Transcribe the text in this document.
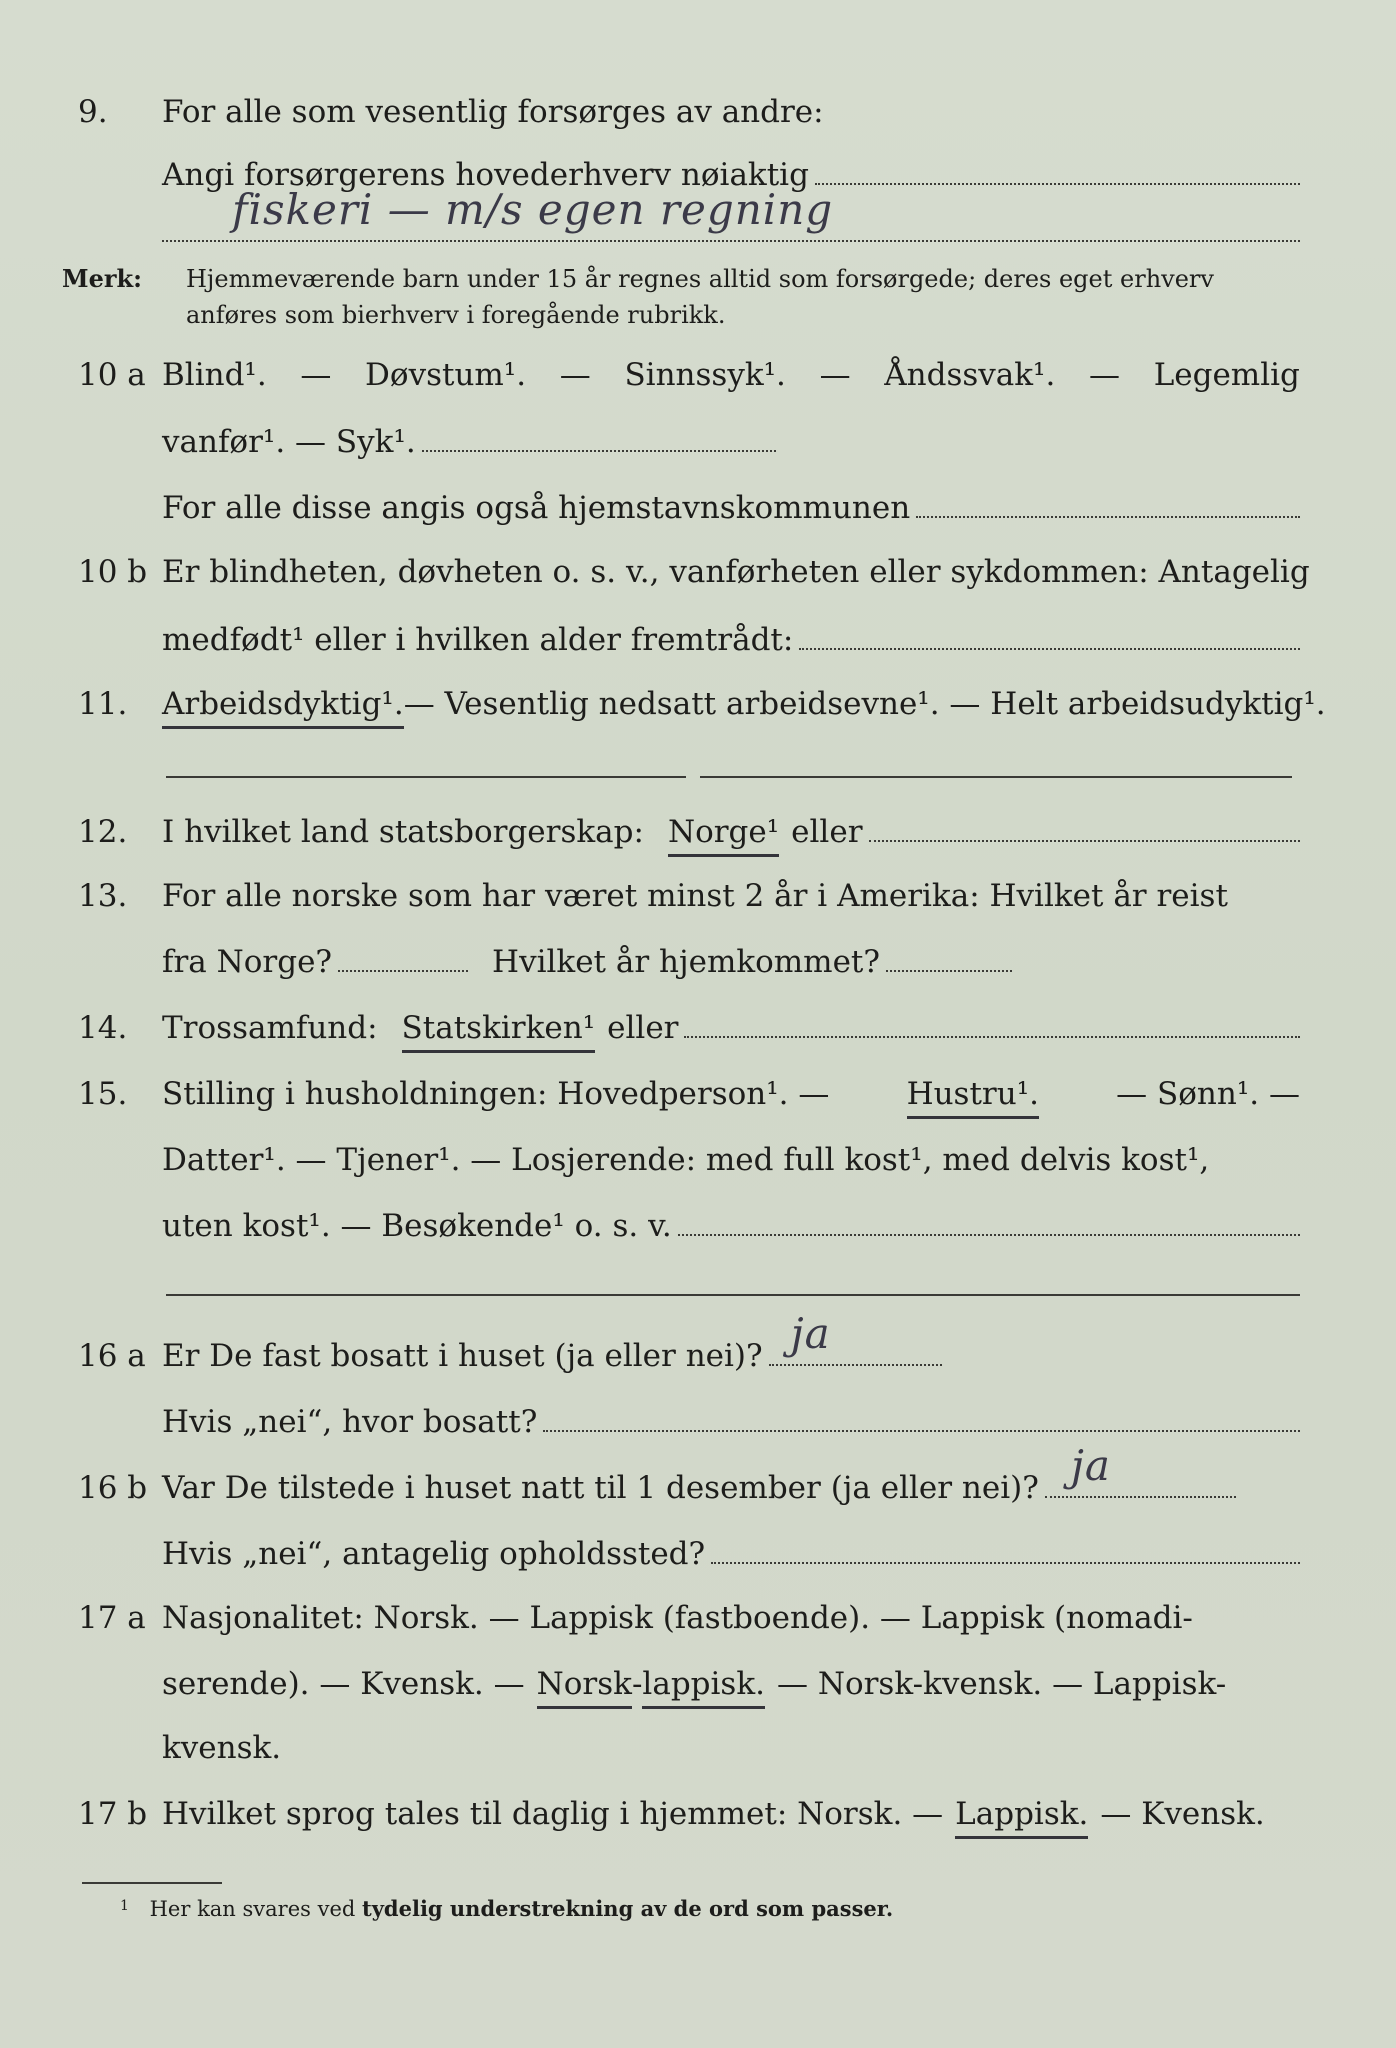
9.	For alle som vesentlig forsørges av andre:
Angi forsørgerens hovederhverv nøiaktig
fiskeri — m/s egen regning
Merk: Hjemmeværende barn under 15 år regnes alltid som forsørgede; deres eget erhverv
anføres som bierhverv i foregående rubrikk.
10 a Blind¹. — Døvstum¹. — Sinnssyk¹. — Åndssvak¹. — Legemlig
vanfør¹. — Syk¹.
For alle disse angis også hjemstavnskommunen
10 b Er blindheten, døvheten o. s. v., vanførheten eller sykdommen: Antagelig
medfødt¹ eller i hvilken alder fremtrådt:
11.	Arbeidsdyktig¹. — Vesentlig nedsatt arbeidsevne¹. — Helt arbeidsudyktig¹.
12.	I hvilket land statsborgerskap: Norge¹ eller
13.	For alle norske som har været minst 2 år i Amerika: Hvilket år reist
fra Norge?	Hvilket år hjemkommet?
14.	Trossamfund: Statskirken¹ eller
15.	Stilling i husholdningen: Hovedperson¹. — Hustru¹. — Sønn¹. —
Datter¹. — Tjener¹. — Losjerende: med full kost¹, med delvis kost¹,
uten kost¹. — Besøkende¹ o. s. v.
16 a Er De fast bosatt i huset (ja eller nei)? ja
Hvis „nei“, hvor bosatt?
16 b Var De tilstede i huset natt til 1 desember (ja eller nei)? ja
Hvis „nei“, antagelig opholdssted?
17 a Nasjonalitet: Norsk. — Lappisk (fastboende). — Lappisk (nomadi-
serende). — Kvensk. — Norsk - lappisk. — Norsk-kvensk. — Lappisk-
kvensk.
17 b Hvilket sprog tales til daglig i hjemmet: Norsk. — Lappisk. — Kvensk.
$^1$ Her kan svares ved tydelig understrekning av de ord som passer.
